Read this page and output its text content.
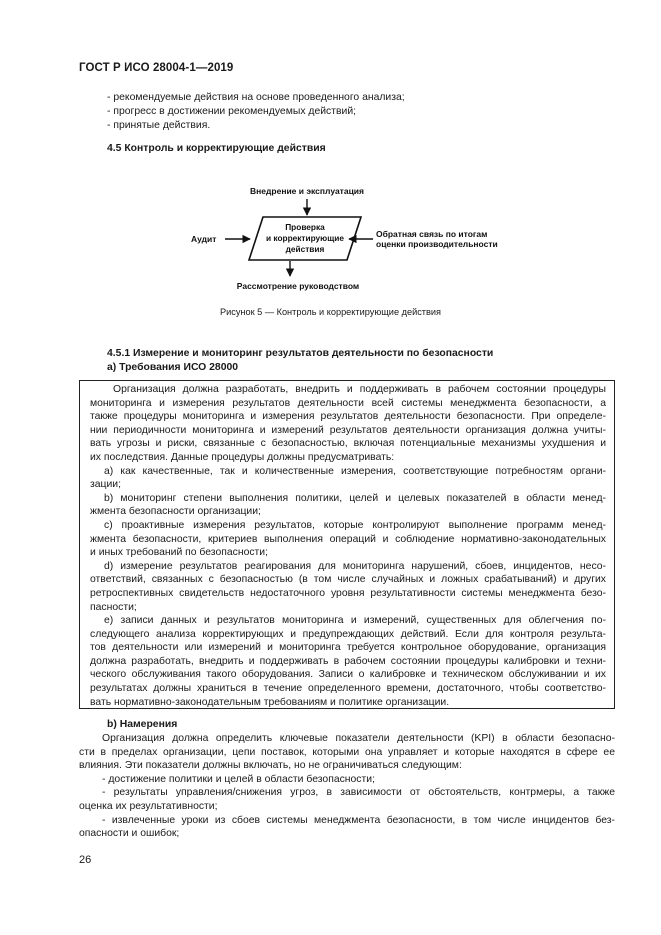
ГОСТ Р ИСО 28004-1—2019
- рекомендуемые действия на основе проведенного анализа;
- прогресс в достижении рекомендуемых действий;
- принятые действия.
4.5 Контроль и корректирующие действия
Внедрение и эксплуатация
Проверка
и корректирующие
действия
Аудит	Обратная связь по итогам
оценки производительности
Рассмотрение руководством
Рисунок 5 — Контроль и корректирующие действия
4.5.1 Измерение и мониторинг результатов деятельности по безопасности
а) Требования ИСО 28000
Организация должна разработать, внедрить и поддерживать в рабочем состоянии процедуры
мониторинга и измерения результатов деятельности всей системы менеджмента безопасности, а
также процедуры мониторинга и измерения результатов деятельности безопасности. При определе-
нии периодичности мониторинга и измерений результатов деятельности организация должна учиты-
вать угрозы и риски, связанные с безопасностью, включая потенциальные механизмы ухудшения и
их последствия. Данные процедуры должны предусматривать:
а) как качественные, так и количественные измерения, соответствующие потребностям органи-
зации;
b) мониторинг степени выполнения политики, целей и целевых показателей в области менед-
жмента безопасности организации;
с) проактивные измерения результатов, которые контролируют выполнение программ менед-
жмента безопасности, критериев выполнения операций и соблюдение нормативно-законодательных
и иных требований по безопасности;
d) измерение результатов реагирования для мониторинга нарушений, сбоев, инцидентов, несо-
ответствий, связанных с безопасностью (в том числе случайных и ложных срабатываний) и других
ретроспективных свидетельств недостаточного уровня результативности системы менеджмента безо-
пасности;
е) записи данных и результатов мониторинга и измерений, существенных для облегчения по-
следующего анализа корректирующих и предупреждающих действий. Если для контроля результа-
тов деятельности или измерений и мониторинга требуется контрольное оборудование, организация
должна разработать, внедрить и поддерживать в рабочем состоянии процедуры калибровки и техни-
ческого обслуживания такого оборудования. Записи о калибровке и техническом обслуживании и их
результатах должны храниться в течение определенного времени, достаточного, чтобы соответство-
вать нормативно-законодательным требованиям и политике организации.
b) Намерения
Организация должна определить ключевые показатели деятельности (KPI) в области безопасно-
сти в пределах организации, цепи поставок, которыми она управляет и которые находятся в сфере ее
влияния. Эти показатели должны включать, но не ограничиваться следующим:
- достижение политики и целей в области безопасности;
- результаты управления/снижения угроз, в зависимости от обстоятельств, контрмеры, а также
оценка их результативности;
- извлеченные уроки из сбоев системы менеджмента безопасности, в том числе инцидентов без-
опасности и ошибок;
26
